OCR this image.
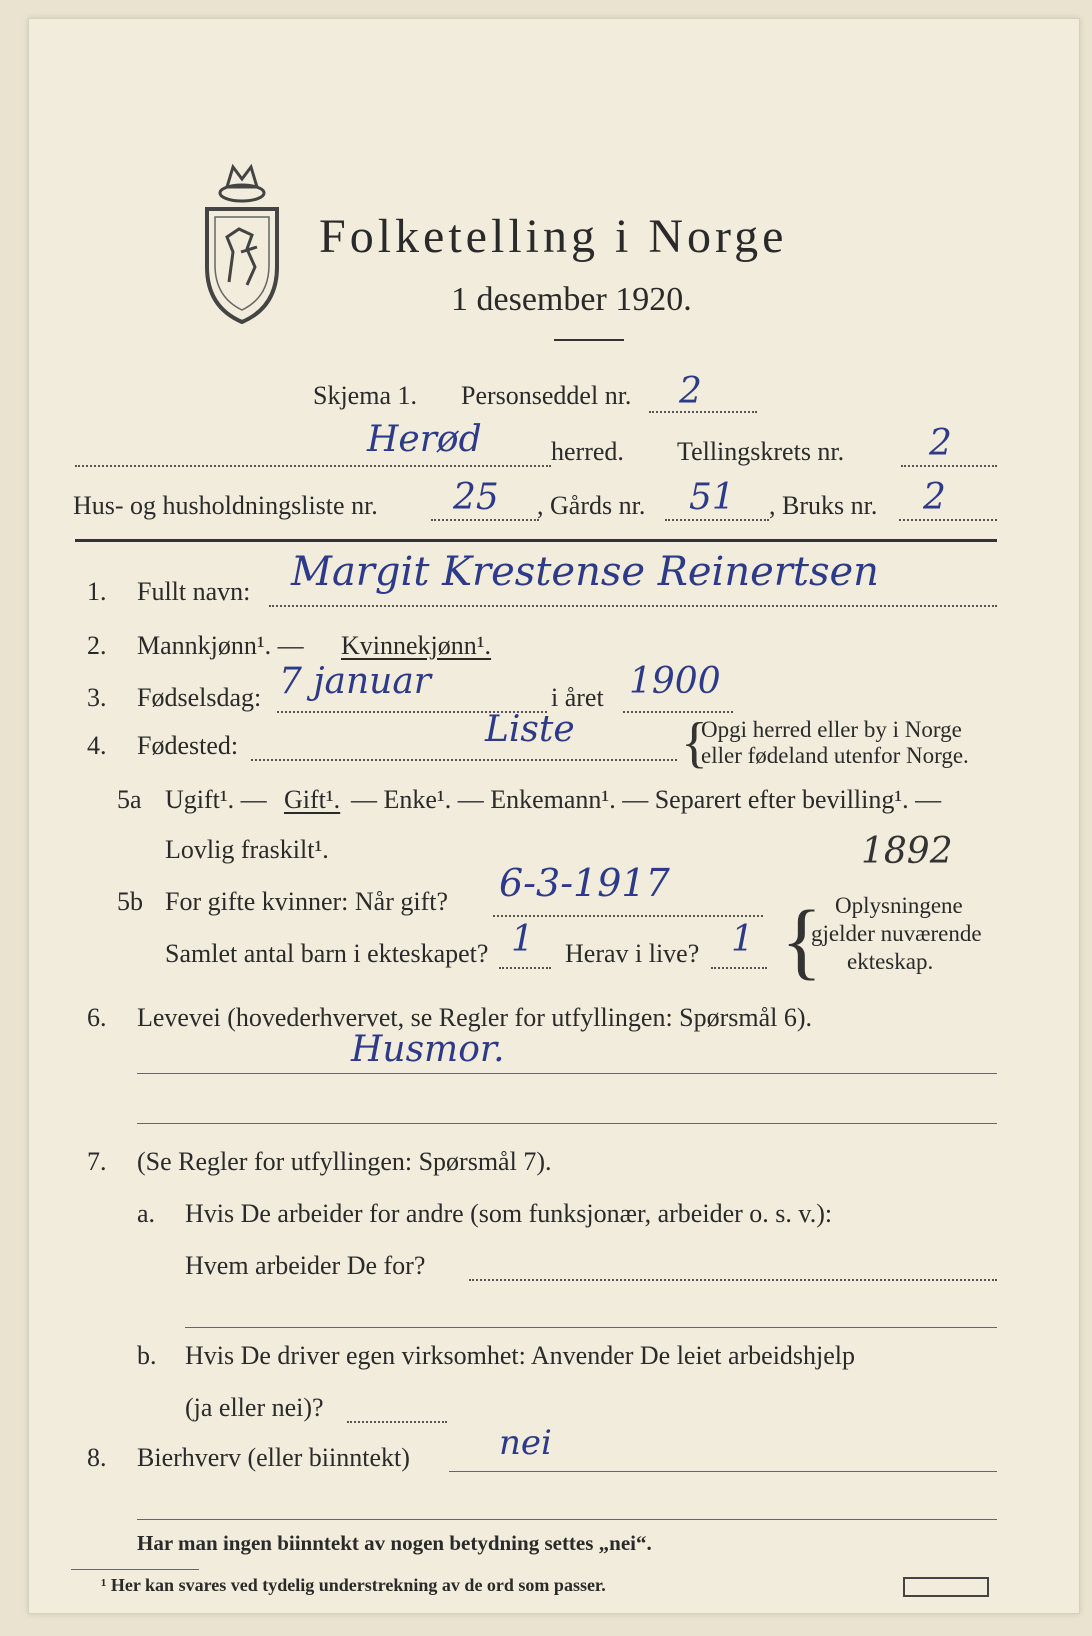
Folketelling i Norge
1 desember 1920.
Skjema 1. Personseddel nr. 2
Herød	herred. Tellingskrets nr. 2
Hus- og husholdningsliste nr. 25 , Gårds nr. 51 , Bruks nr. 2
1. Fullt navn: Margit Krestense Reinertsen
2. Mannkjønn¹. — Kvinnekjønn¹.
3. Fødselsdag: 7 januar	i året 1900
4. Fødested:	Liste {
Opgi herred eller by i Norge
eller fødeland utenfor Norge.
5a Ugift¹. — Gift¹. — Enke¹. — Enkemann¹. — Separert efter bevilling¹. —
Lovlig fraskilt¹.	1892
5b For gifte kvinner: Når gift? 6-3-1917
Samlet antal barn i ekteskapet? 1 Herav i live? 1 { Oplysningene
gjelder nuværende
ekteskap.
6. Levevei (hovederhvervet, se Regler for utfyllingen: Spørsmål 6).
Husmor.
7. (Se Regler for utfyllingen: Spørsmål 7).
a. Hvis De arbeider for andre (som funksjonær, arbeider o. s. v.):
Hvem arbeider De for?
b. Hvis De driver egen virksomhet: Anvender De leiet arbeidshjelp
(ja eller nei)?
8. Bierhverv (eller biinntekt)	nei
Har man ingen biinntekt av nogen betydning settes „nei“.
¹ Her kan svares ved tydelig understrekning av de ord som passer.
